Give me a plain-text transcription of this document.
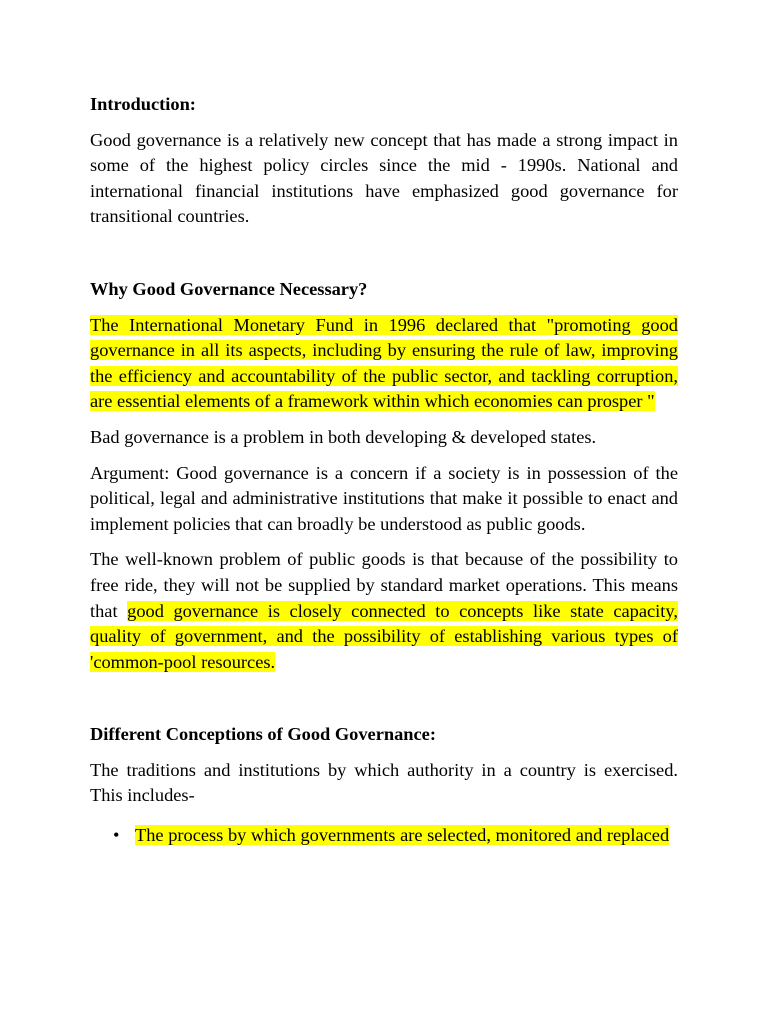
Introduction:

Good governance is a relatively new concept that has made a strong impact in some of the highest policy circles since the mid - 1990s. National and international financial institutions have emphasized good governance for transitional countries.

Why Good Governance Necessary?

The International Monetary Fund in 1996 declared that "promoting good governance in all its aspects, including by ensuring the rule of law, improving the efficiency and accountability of the public sector, and tackling corruption, are essential elements of a framework within which economies can prosper "

Bad governance is a problem in both developing & developed states.

Argument: Good governance is a concern if a society is in possession of the political, legal and administrative institutions that make it possible to enact and implement policies that can broadly be understood as public goods.

The well-known problem of public goods is that because of the possibility to free ride, they will not be supplied by standard market operations. This means that good governance is closely connected to concepts like state capacity, quality of government, and the possibility of establishing various types of 'common-pool resources.

Different Conceptions of Good Governance:

The traditions and institutions by which authority in a country is exercised. This includes-

• The process by which governments are selected, monitored and replaced
